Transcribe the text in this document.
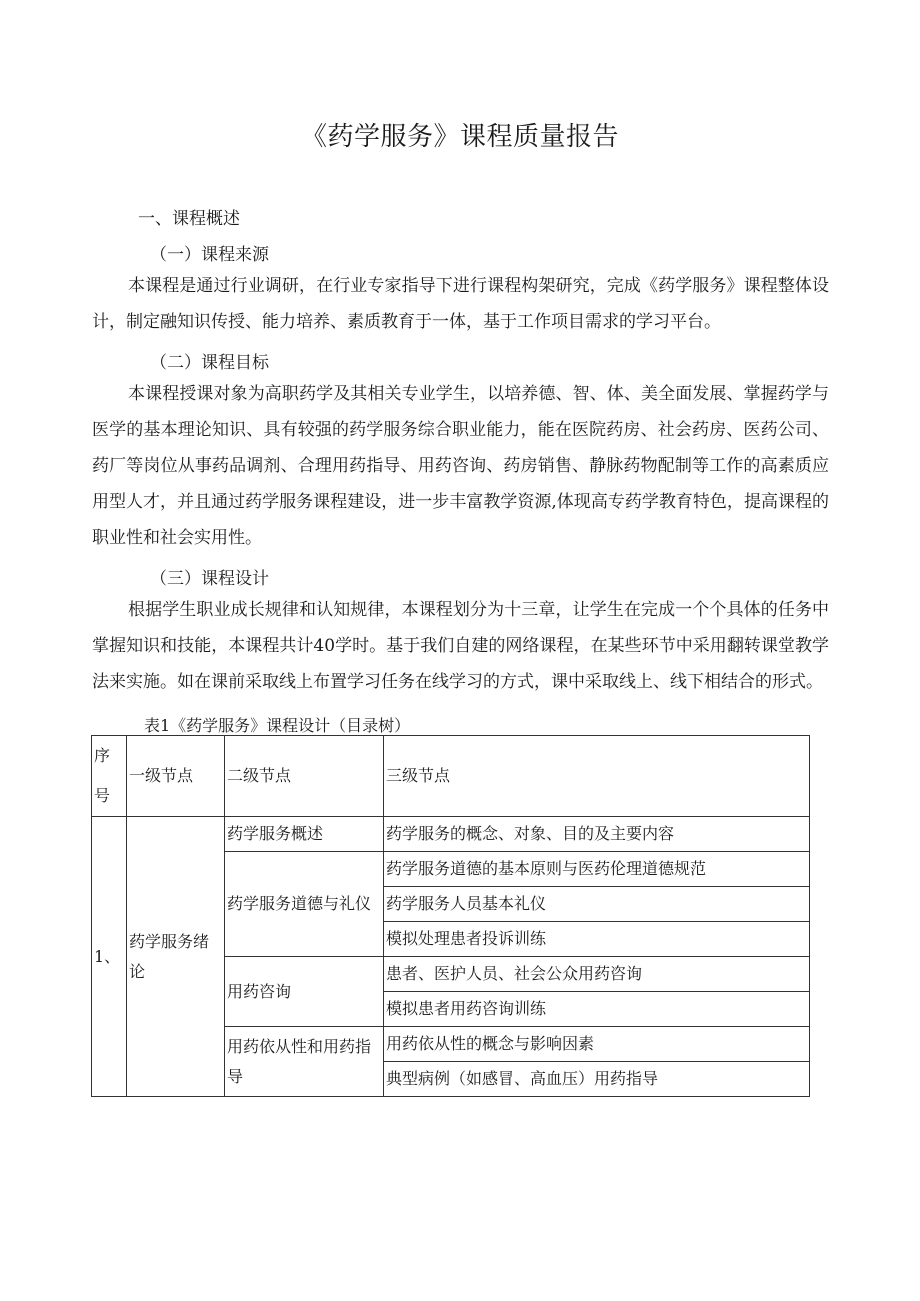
《药学服务》课程质量报告
一、课程概述
（一）课程来源
本课程是通过行业调研，在行业专家指导下进行课程构架研究，完成《药学服务》课程整体设计，制定融知识传授、能力培养、素质教育于一体，基于工作项目需求的学习平台。
（二）课程目标
本课程授课对象为高职药学及其相关专业学生，以培养德、智、体、美全面发展、掌握药学与医学的基本理论知识、具有较强的药学服务综合职业能力，能在医院药房、社会药房、医药公司、药厂等岗位从事药品调剂、合理用药指导、用药咨询、药房销售、静脉药物配制等工作的高素质应用型人才，并且通过药学服务课程建设，进一步丰富教学资源,体现高专药学教育特色，提高课程的职业性和社会实用性。
（三）课程设计
根据学生职业成长规律和认知规律，本课程划分为十三章，让学生在完成一个个具体的任务中掌握知识和技能，本课程共计40学时。基于我们自建的网络课程，在某些环节中采用翻转课堂教学法来实施。如在课前采取线上布置学习任务在线学习的方式，课中采取线上、线下相结合的形式。
表1《药学服务》课程设计（目录树）
序号	一级节点	二级节点	三级节点
1、	药学服务绪论	药学服务概述	药学服务的概念、对象、目的及主要内容
		药学服务道德与礼仪	药学服务道德的基本原则与医药伦理道德规范
			药学服务人员基本礼仪
			模拟处理患者投诉训练
		用药咨询	患者、医护人员、社会公众用药咨询
			模拟患者用药咨询训练
		用药依从性和用药指导	用药依从性的概念与影响因素
			典型病例（如感冒、高血压）用药指导
